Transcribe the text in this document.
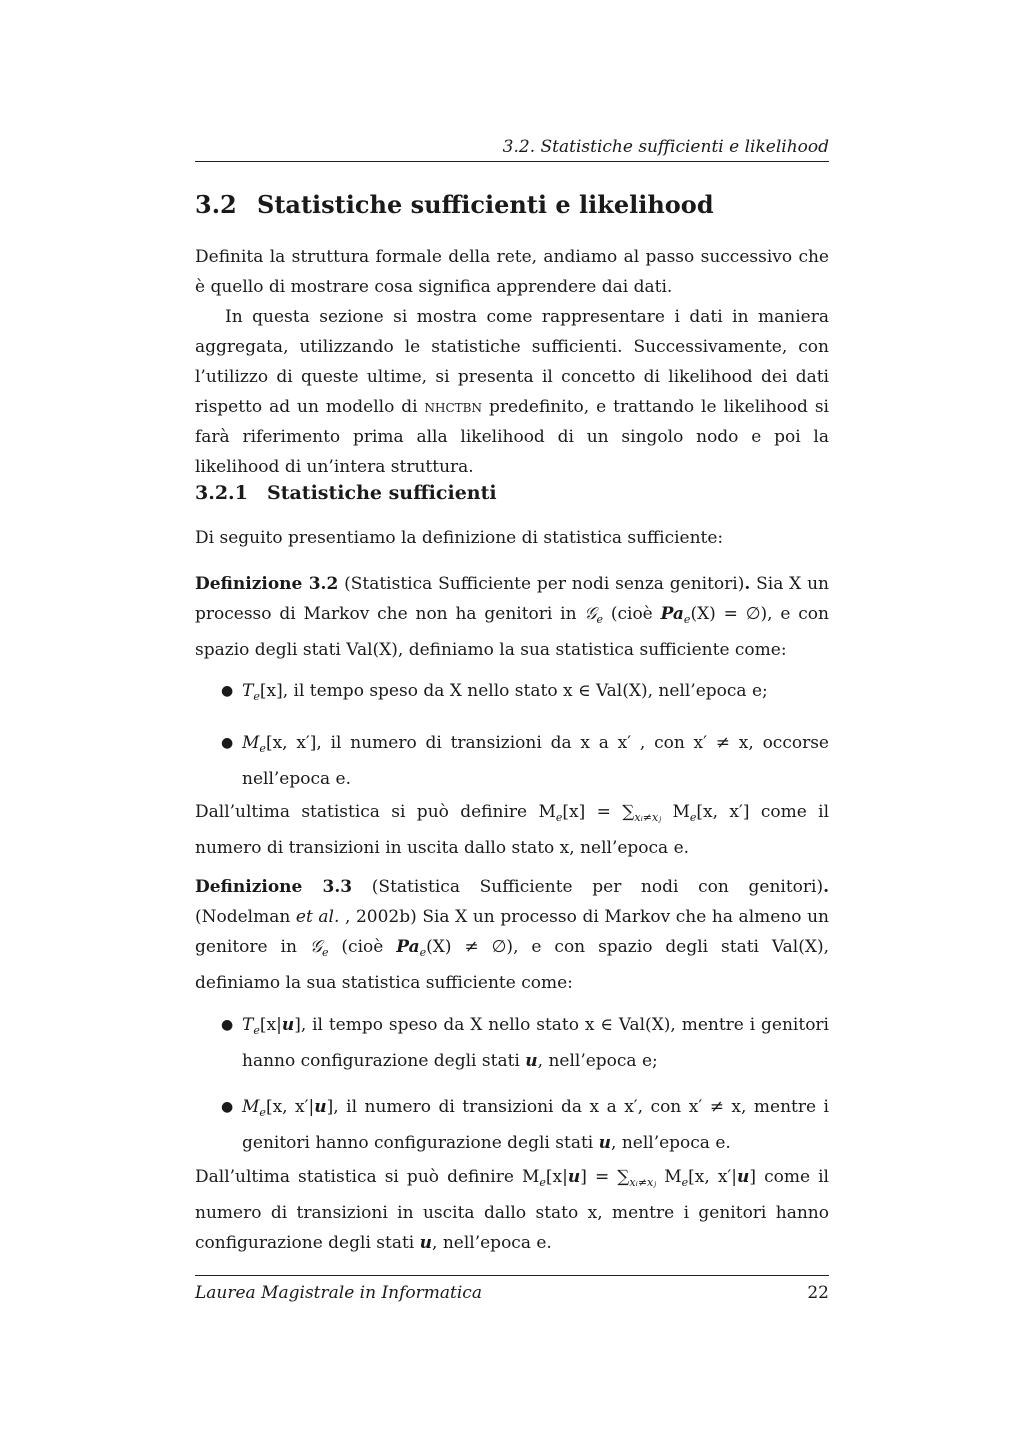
3.2. Statistiche sufficienti e likelihood
3.2 Statistiche sufficienti e likelihood
Definita la struttura formale della rete, andiamo al passo successivo che è quello di mostrare cosa significa apprendere dai dati.
In questa sezione si mostra come rappresentare i dati in maniera aggregata, utilizzando le statistiche sufficienti. Successivamente, con l’utilizzo di queste ultime, si presenta il concetto di likelihood dei dati rispetto ad un modello di nhctbn predefinito, e trattando le likelihood si farà riferimento prima alla likelihood di un singolo nodo e poi la likelihood di un’intera struttura.
3.2.1 Statistiche sufficienti
Di seguito presentiamo la definizione di statistica sufficiente:
Definizione 3.2 (Statistica Sufficiente per nodi senza genitori). Sia X un processo di Markov che non ha genitori in 𝒢$_e$ (cioè $Pa_e(X)$ = ∅), e con spazio degli stati Val(X), definiamo la sua statistica sufficiente come:
● $T_e[x]$, il tempo speso da X nello stato x ∈ Val(X), nell’epoca e;
● $M_e[x$, x′], il numero di transizioni da x a x′ , con x′ ≠ x, occorse nell’epoca e.
Dall’ultima statistica si può definire $M_e[x] = \sum_{xᵢ\ne xⱼ}$ $M_e[x$, x′] come il numero di transizioni in uscita dallo stato x, nell’epoca e.
Definizione 3.3 (Statistica Sufficiente per nodi con genitori). (Nodelman et al. , 2002b) Sia X un processo di Markov che ha almeno un genitore in 𝒢$_e$ (cioè $Pa_e(X)$ ≠ ∅), e con spazio degli stati Val(X), definiamo la sua statistica sufficiente come:
● $T_e[x|u]$, il tempo speso da X nello stato x ∈ Val(X), mentre i genitori hanno configurazione degli stati u, nell’epoca e;
● $M_e[x$, x′|u], il numero di transizioni da x a x′, con x′ ≠ x, mentre i genitori hanno configurazione degli stati u, nell’epoca e.
Dall’ultima statistica si può definire $M_e[x|u] = \sum_{xᵢ\ne xⱼ}$ $M_e[x$, x′|u] come il numero di transizioni in uscita dallo stato x, mentre i genitori hanno configurazione degli stati u, nell’epoca e.
Laurea Magistrale in Informatica	22
